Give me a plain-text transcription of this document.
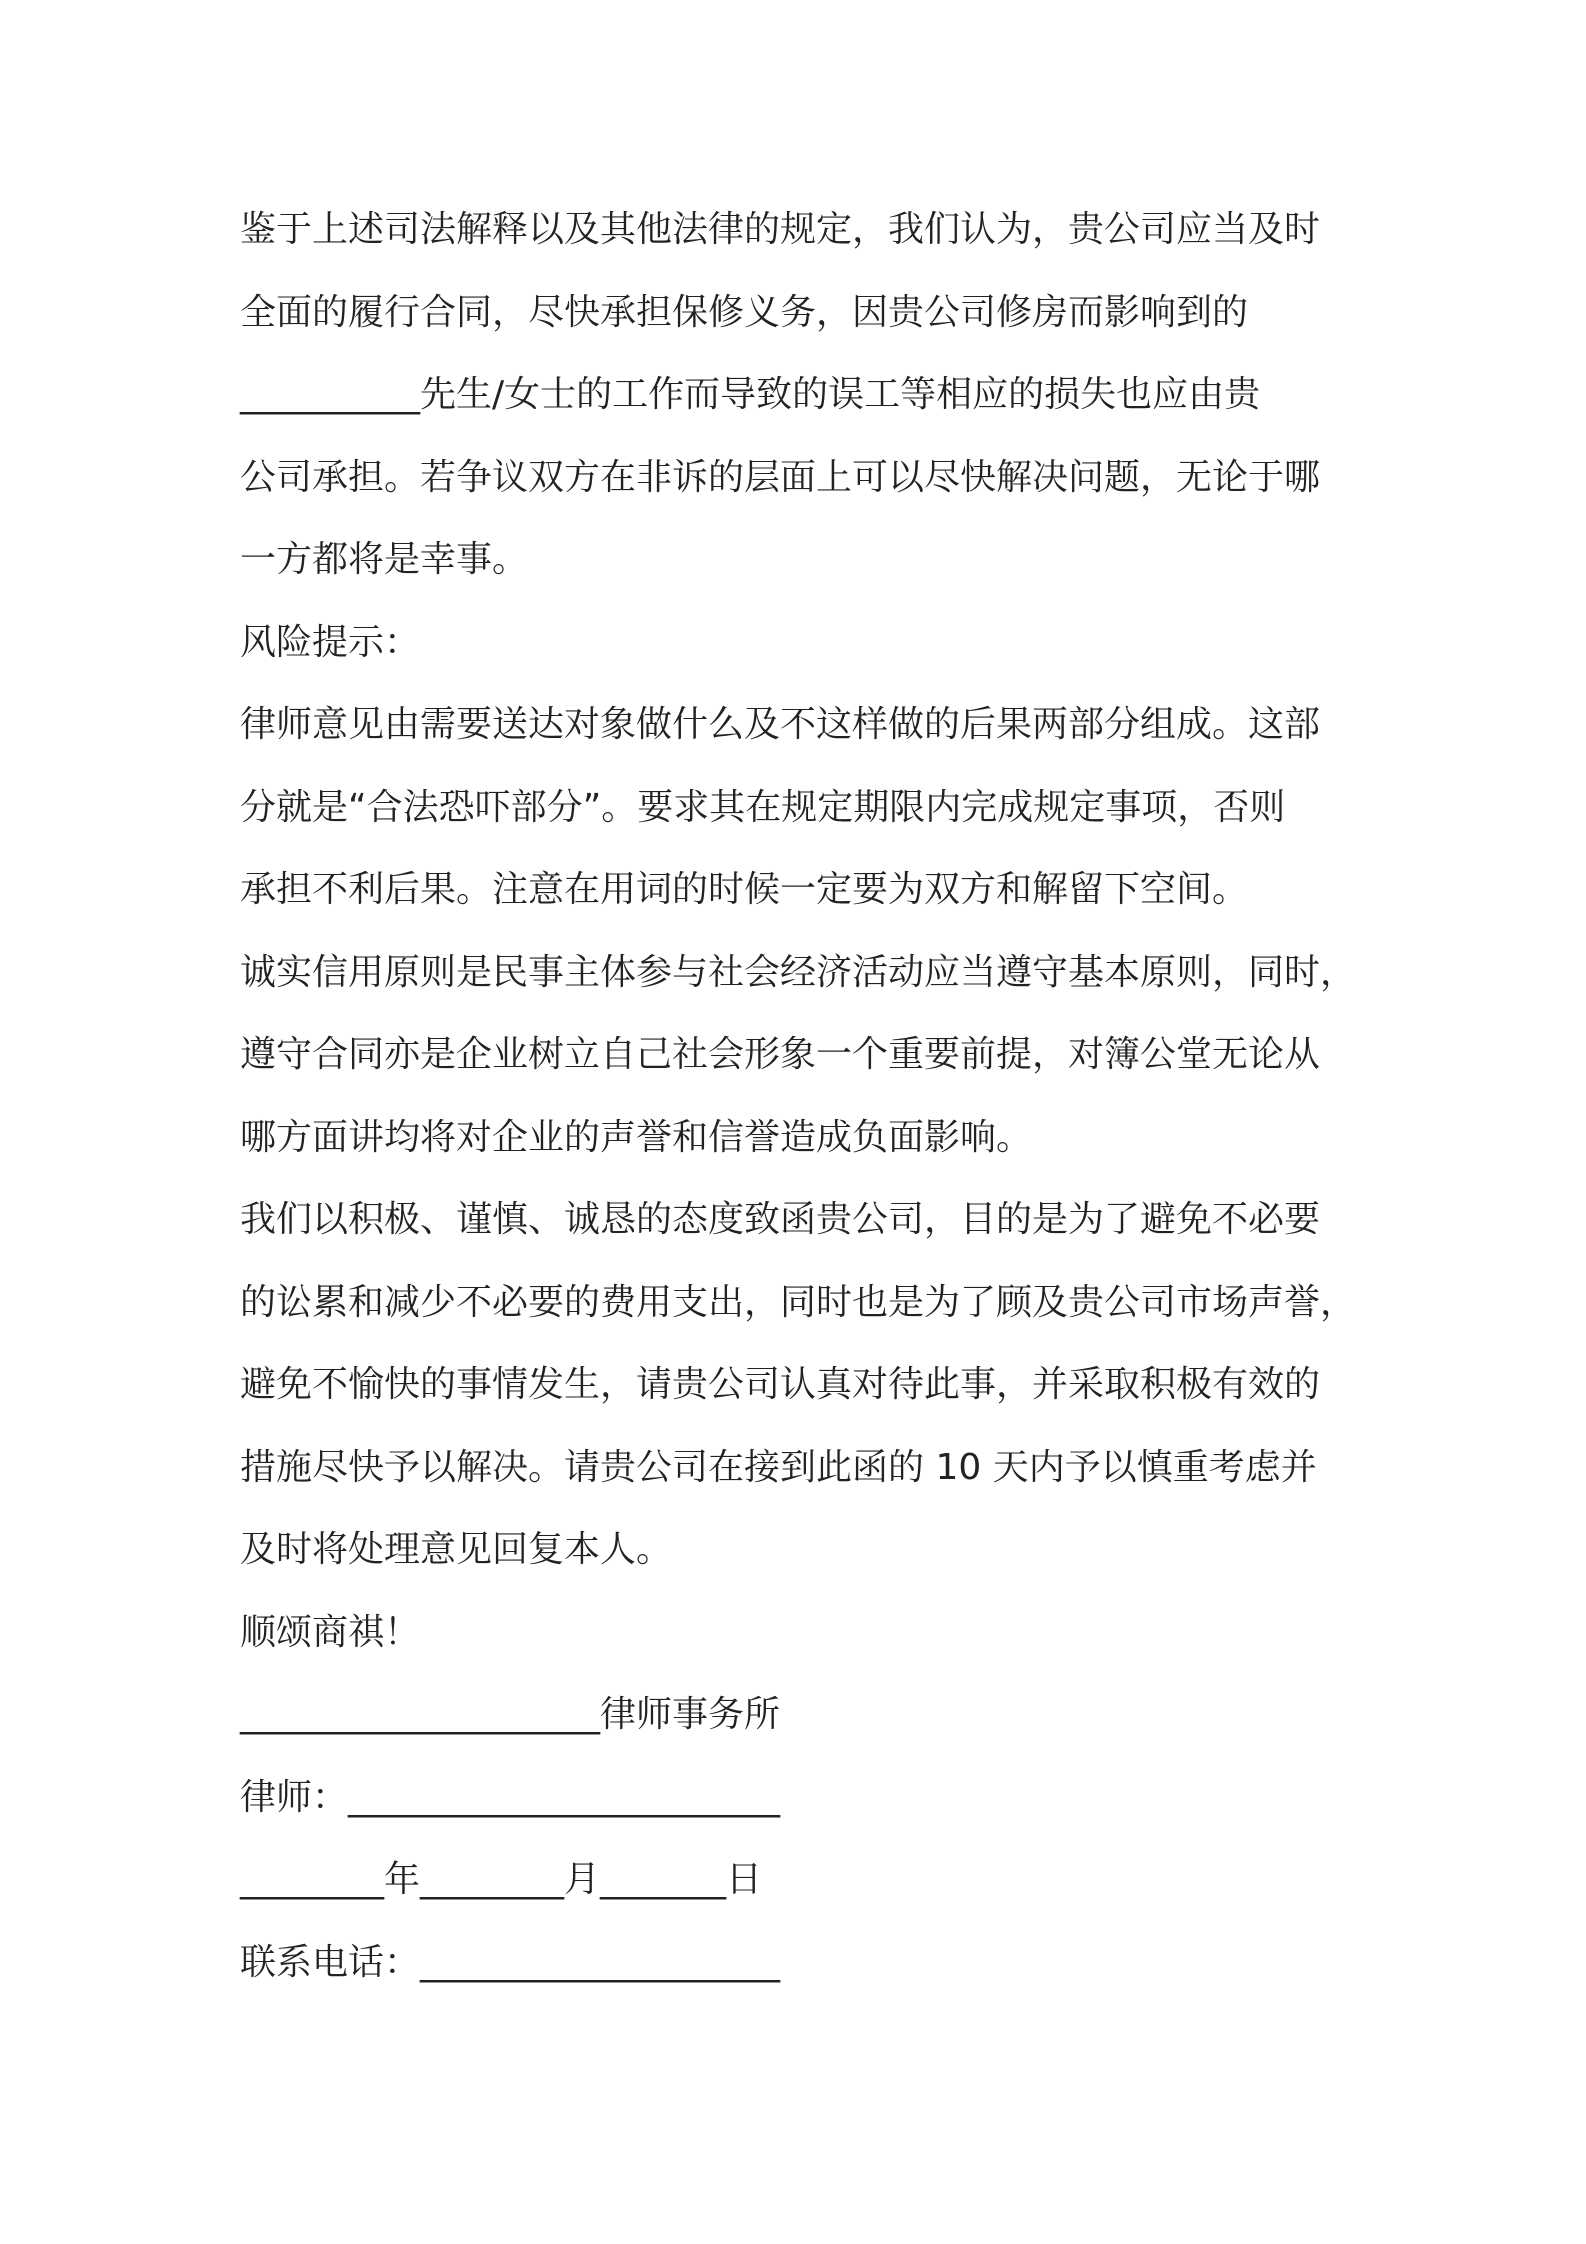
鉴于上述司法解释以及其他法律的规定，我们认为，贵公司应当及时
全面的履行合同，尽快承担保修义务，因贵公司修房而影响到的
__________先生/女士的工作而导致的误工等相应的损失也应由贵
公司承担。若争议双方在非诉的层面上可以尽快解决问题，无论于哪
一方都将是幸事。
风险提示：
律师意见由需要送达对象做什么及不这样做的后果两部分组成。这部
分就是“合法恐吓部分”。要求其在规定期限内完成规定事项，否则
承担不利后果。注意在用词的时候一定要为双方和解留下空间。
诚实信用原则是民事主体参与社会经济活动应当遵守基本原则，同时，
遵守合同亦是企业树立自己社会形象一个重要前提，对簿公堂无论从
哪方面讲均将对企业的声誉和信誉造成负面影响。
我们以积极、谨慎、诚恳的态度致函贵公司，目的是为了避免不必要
的讼累和减少不必要的费用支出，同时也是为了顾及贵公司市场声誉，
避免不愉快的事情发生，请贵公司认真对待此事，并采取积极有效的
措施尽快予以解决。请贵公司在接到此函的 10 天内予以慎重考虑并
及时将处理意见回复本人。
顺颂商祺！
____________________律师事务所
律师：________________________
________年________月_______日
联系电话：____________________
